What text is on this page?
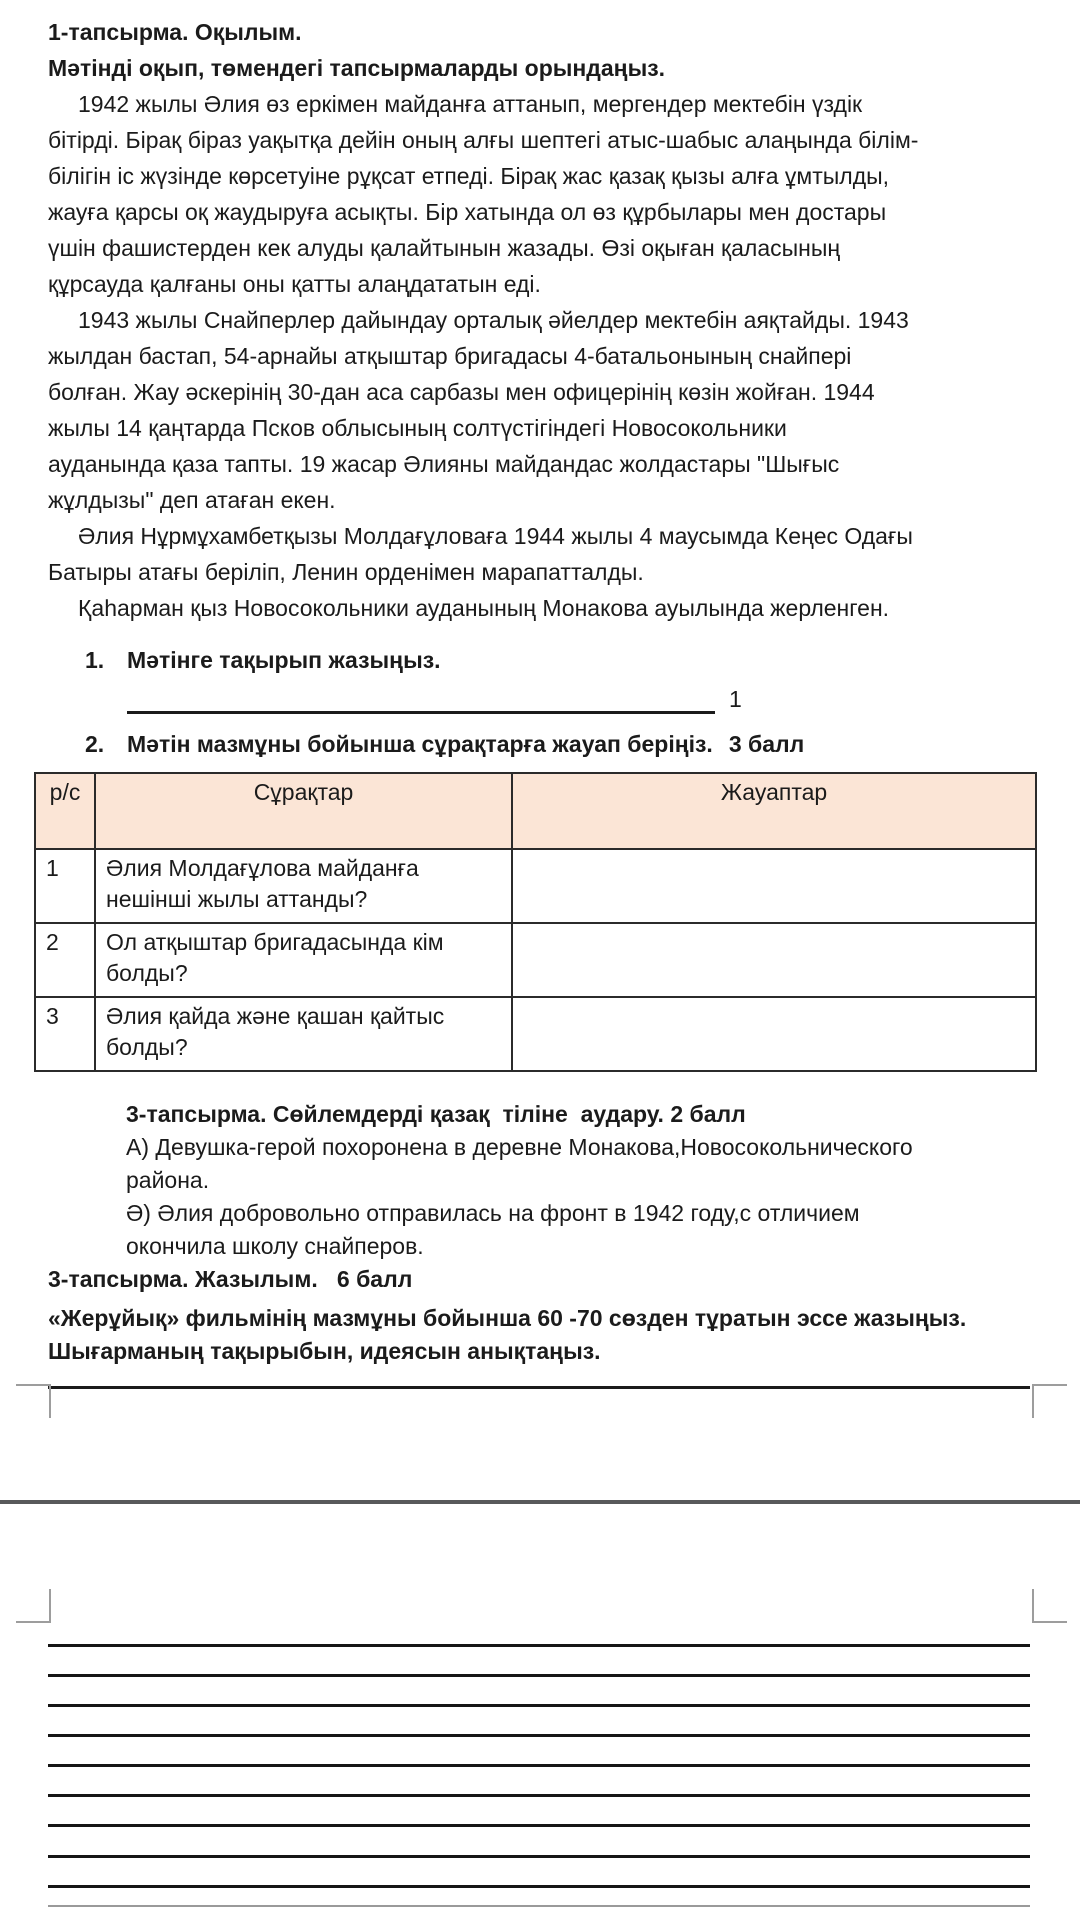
1-тапсырма. Оқылым.
Мәтінді оқып, төмендегі тапсырмаларды орындаңыз.
1942 жылы Әлия өз еркімен майданға аттанып, мергендер мектебін үздік
бітірді. Бірақ біраз уақытқа дейін оның алғы шептегі атыс-шабыс алаңында білім-
білігін іс жүзінде көрсетуіне рұқсат етпеді. Бірақ жас қазақ қызы алға ұмтылды,
жауға қарсы оқ жаудыруға асықты. Бір хатында ол өз құрбылары мен достары
үшін фашистерден кек алуды қалайтынын жазады. Өзі оқыған қаласының
құрсауда қалғаны оны қатты алаңдататын еді.
1943 жылы Снайперлер дайындау орталық әйелдер мектебін аяқтайды. 1943
жылдан бастап, 54-арнайы атқыштар бригадасы 4-батальонының снайпері
болған. Жау әскерінің 30-дан аса сарбазы мен офицерінің көзін жойған. 1944
жылы 14 қаңтарда Псков облысының солтүстігіндегі Новосокольники
ауданында қаза тапты. 19 жасар Әлияны майдандас жолдастары "Шығыс
жұлдызы" деп атаған екен.
Әлия Нұрмұхамбетқызы Молдағұловаға 1944 жылы 4 маусымда Кеңес Одағы
Батыры атағы беріліп, Ленин орденімен марапатталды.
Қаһарман қыз Новосокольники ауданының Монакова ауылында жерленген.
1. Мәтінге тақырып жазыңыз.
1
2. Мәтін мазмұны бойынша сұрақтарға жауап беріңіз. 3 балл
р/с	Сұрақтар	Жауаптар
1	Әлия Молдағұлова майданға нешінші жылы аттанды?	
2	Ол атқыштар бригадасында кім болды?	
3	Әлия қайда және қашан қайтыс болды?	
3-тапсырма. Сөйлемдерді қазақ  тіліне  аудару. 2 балл
А) Девушка-герой похоронена в деревне Монакова,Новосокольнического
района.
Ә) Әлия добровольно отправилась на фронт в 1942 году,с отличием
окончила школу снайперов.
3-тапсырма. Жазылым.   6 балл
«Жерұйық» фильмінің мазмұны бойынша 60 -70 сөзден тұратын эссе жазыңыз.
Шығарманың тақырыбын, идеясын анықтаңыз.
